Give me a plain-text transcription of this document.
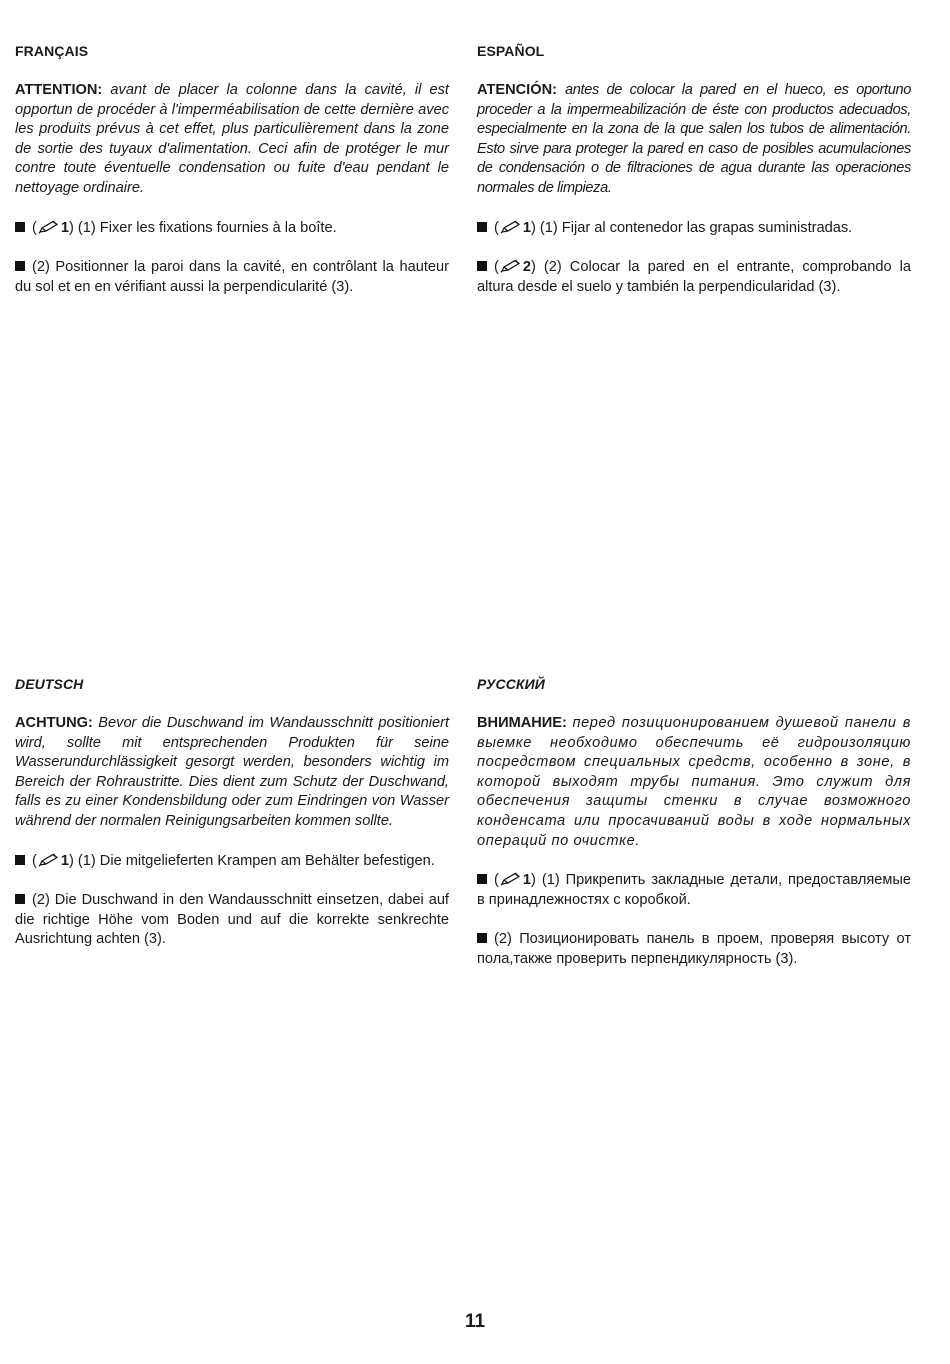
FRANÇAIS

ATTENTION: avant de placer la colonne dans la cavité, il est opportun de procéder à l'imperméabilisation de cette dernière avec les produits prévus à cet effet, plus particulièrement dans la zone de sortie des tuyaux d'alimentation. Ceci afin de protéger le mur contre toute éventuelle condensation ou fuite d'eau pendant le nettoyage ordinaire.

( 1) (1) Fixer les fixations fournies à la boîte.

(2) Positionner la paroi dans la cavité, en contrôlant la hauteur du sol et en en vérifiant aussi la perpendicularité (3).

ESPAÑOL

ATENCIÓN: antes de colocar la pared en el hueco, es oportuno proceder a la impermeabilización de éste con productos adecuados, especialmente en la zona de la que salen los tubos de alimentación. Esto sirve para proteger la pared en caso de posibles acumulaciones de condensación o de filtraciones de agua durante las operaciones normales de limpieza.

( 1) (1) Fijar al contenedor las grapas suministradas.

( 2) (2) Colocar la pared en el entrante, comprobando la altura desde el suelo y también la perpendicularidad (3).

DEUTSCH

ACHTUNG: Bevor die Duschwand im Wandausschnitt positioniert wird, sollte mit entsprechenden Produkten für seine Wasserundurchlässigkeit gesorgt werden, besonders wichtig im Bereich der Rohraustritte. Dies dient zum Schutz der Duschwand, falls es zu einer Kondensbildung oder zum Eindringen von Wasser während der normalen Reinigungsarbeiten kommen sollte.

( 1) (1) Die mitgelieferten Krampen am Behälter befestigen.

(2) Die Duschwand in den Wandausschnitt einsetzen, dabei auf die richtige Höhe vom Boden und auf die korrekte senkrechte Ausrichtung achten (3).

РУССКИЙ

ВНИМАНИЕ: перед позиционированием душевой панели в выемке необходимо обеспечить её гидроизоляцию посредством специальных средств, особенно в зоне, в которой выходят трубы питания. Это служит для обеспечения защиты стенки в случае возможного конденсата или просачиваний воды в ходе нормальных операций по очистке.

( 1) (1) Прикрепить закладные детали, предоставляемые в принадлежностях с коробкой.

(2) Позиционировать панель в проем, проверяя высоту от пола,также проверить перпендикулярность (3).

11
